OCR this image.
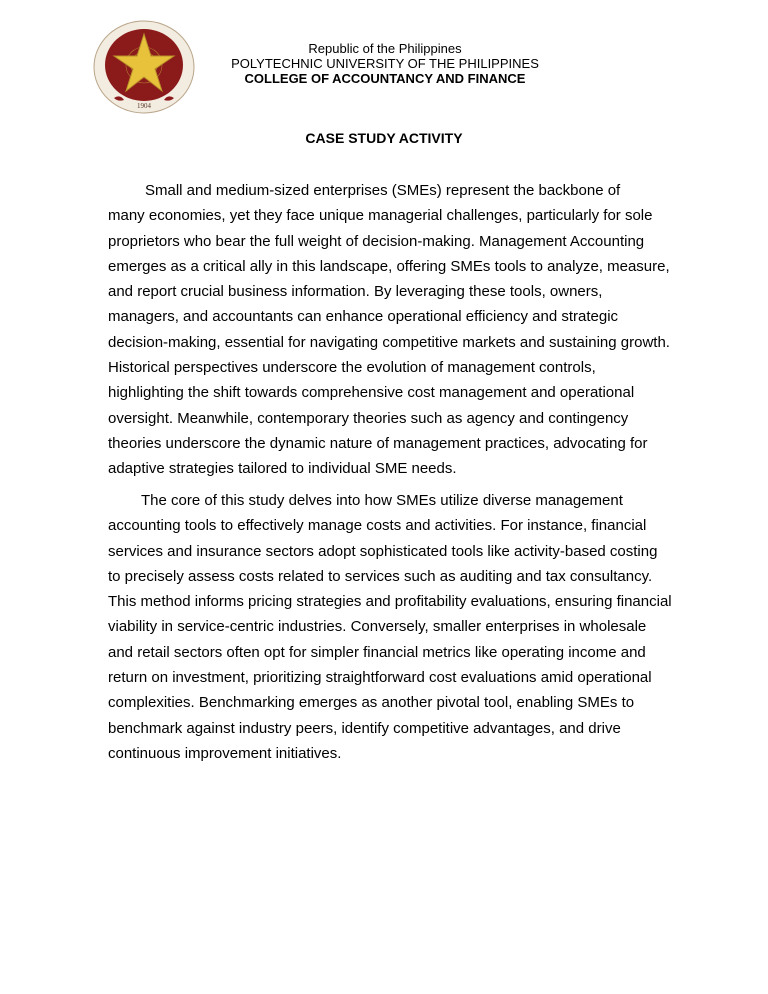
1904
Republic of the Philippines
POLYTECHNIC UNIVERSITY OF THE PHILIPPINES
COLLEGE OF ACCOUNTANCY AND FINANCE
CASE STUDY ACTIVITY
Small and medium-sized enterprises (SMEs) represent the backbone of
many economies, yet they face unique managerial challenges, particularly for sole
proprietors who bear the full weight of decision-making. Management Accounting
emerges as a critical ally in this landscape, offering SMEs tools to analyze, measure,
and report crucial business information. By leveraging these tools, owners,
managers, and accountants can enhance operational efficiency and strategic
decision-making, essential for navigating competitive markets and sustaining growth.
Historical perspectives underscore the evolution of management controls,
highlighting the shift towards comprehensive cost management and operational
oversight. Meanwhile, contemporary theories such as agency and contingency
theories underscore the dynamic nature of management practices, advocating for
adaptive strategies tailored to individual SME needs.
The core of this study delves into how SMEs utilize diverse management
accounting tools to effectively manage costs and activities. For instance, financial
services and insurance sectors adopt sophisticated tools like activity-based costing
to precisely assess costs related to services such as auditing and tax consultancy.
This method informs pricing strategies and profitability evaluations, ensuring financial
viability in service-centric industries. Conversely, smaller enterprises in wholesale
and retail sectors often opt for simpler financial metrics like operating income and
return on investment, prioritizing straightforward cost evaluations amid operational
complexities. Benchmarking emerges as another pivotal tool, enabling SMEs to
benchmark against industry peers, identify competitive advantages, and drive
continuous improvement initiatives.
